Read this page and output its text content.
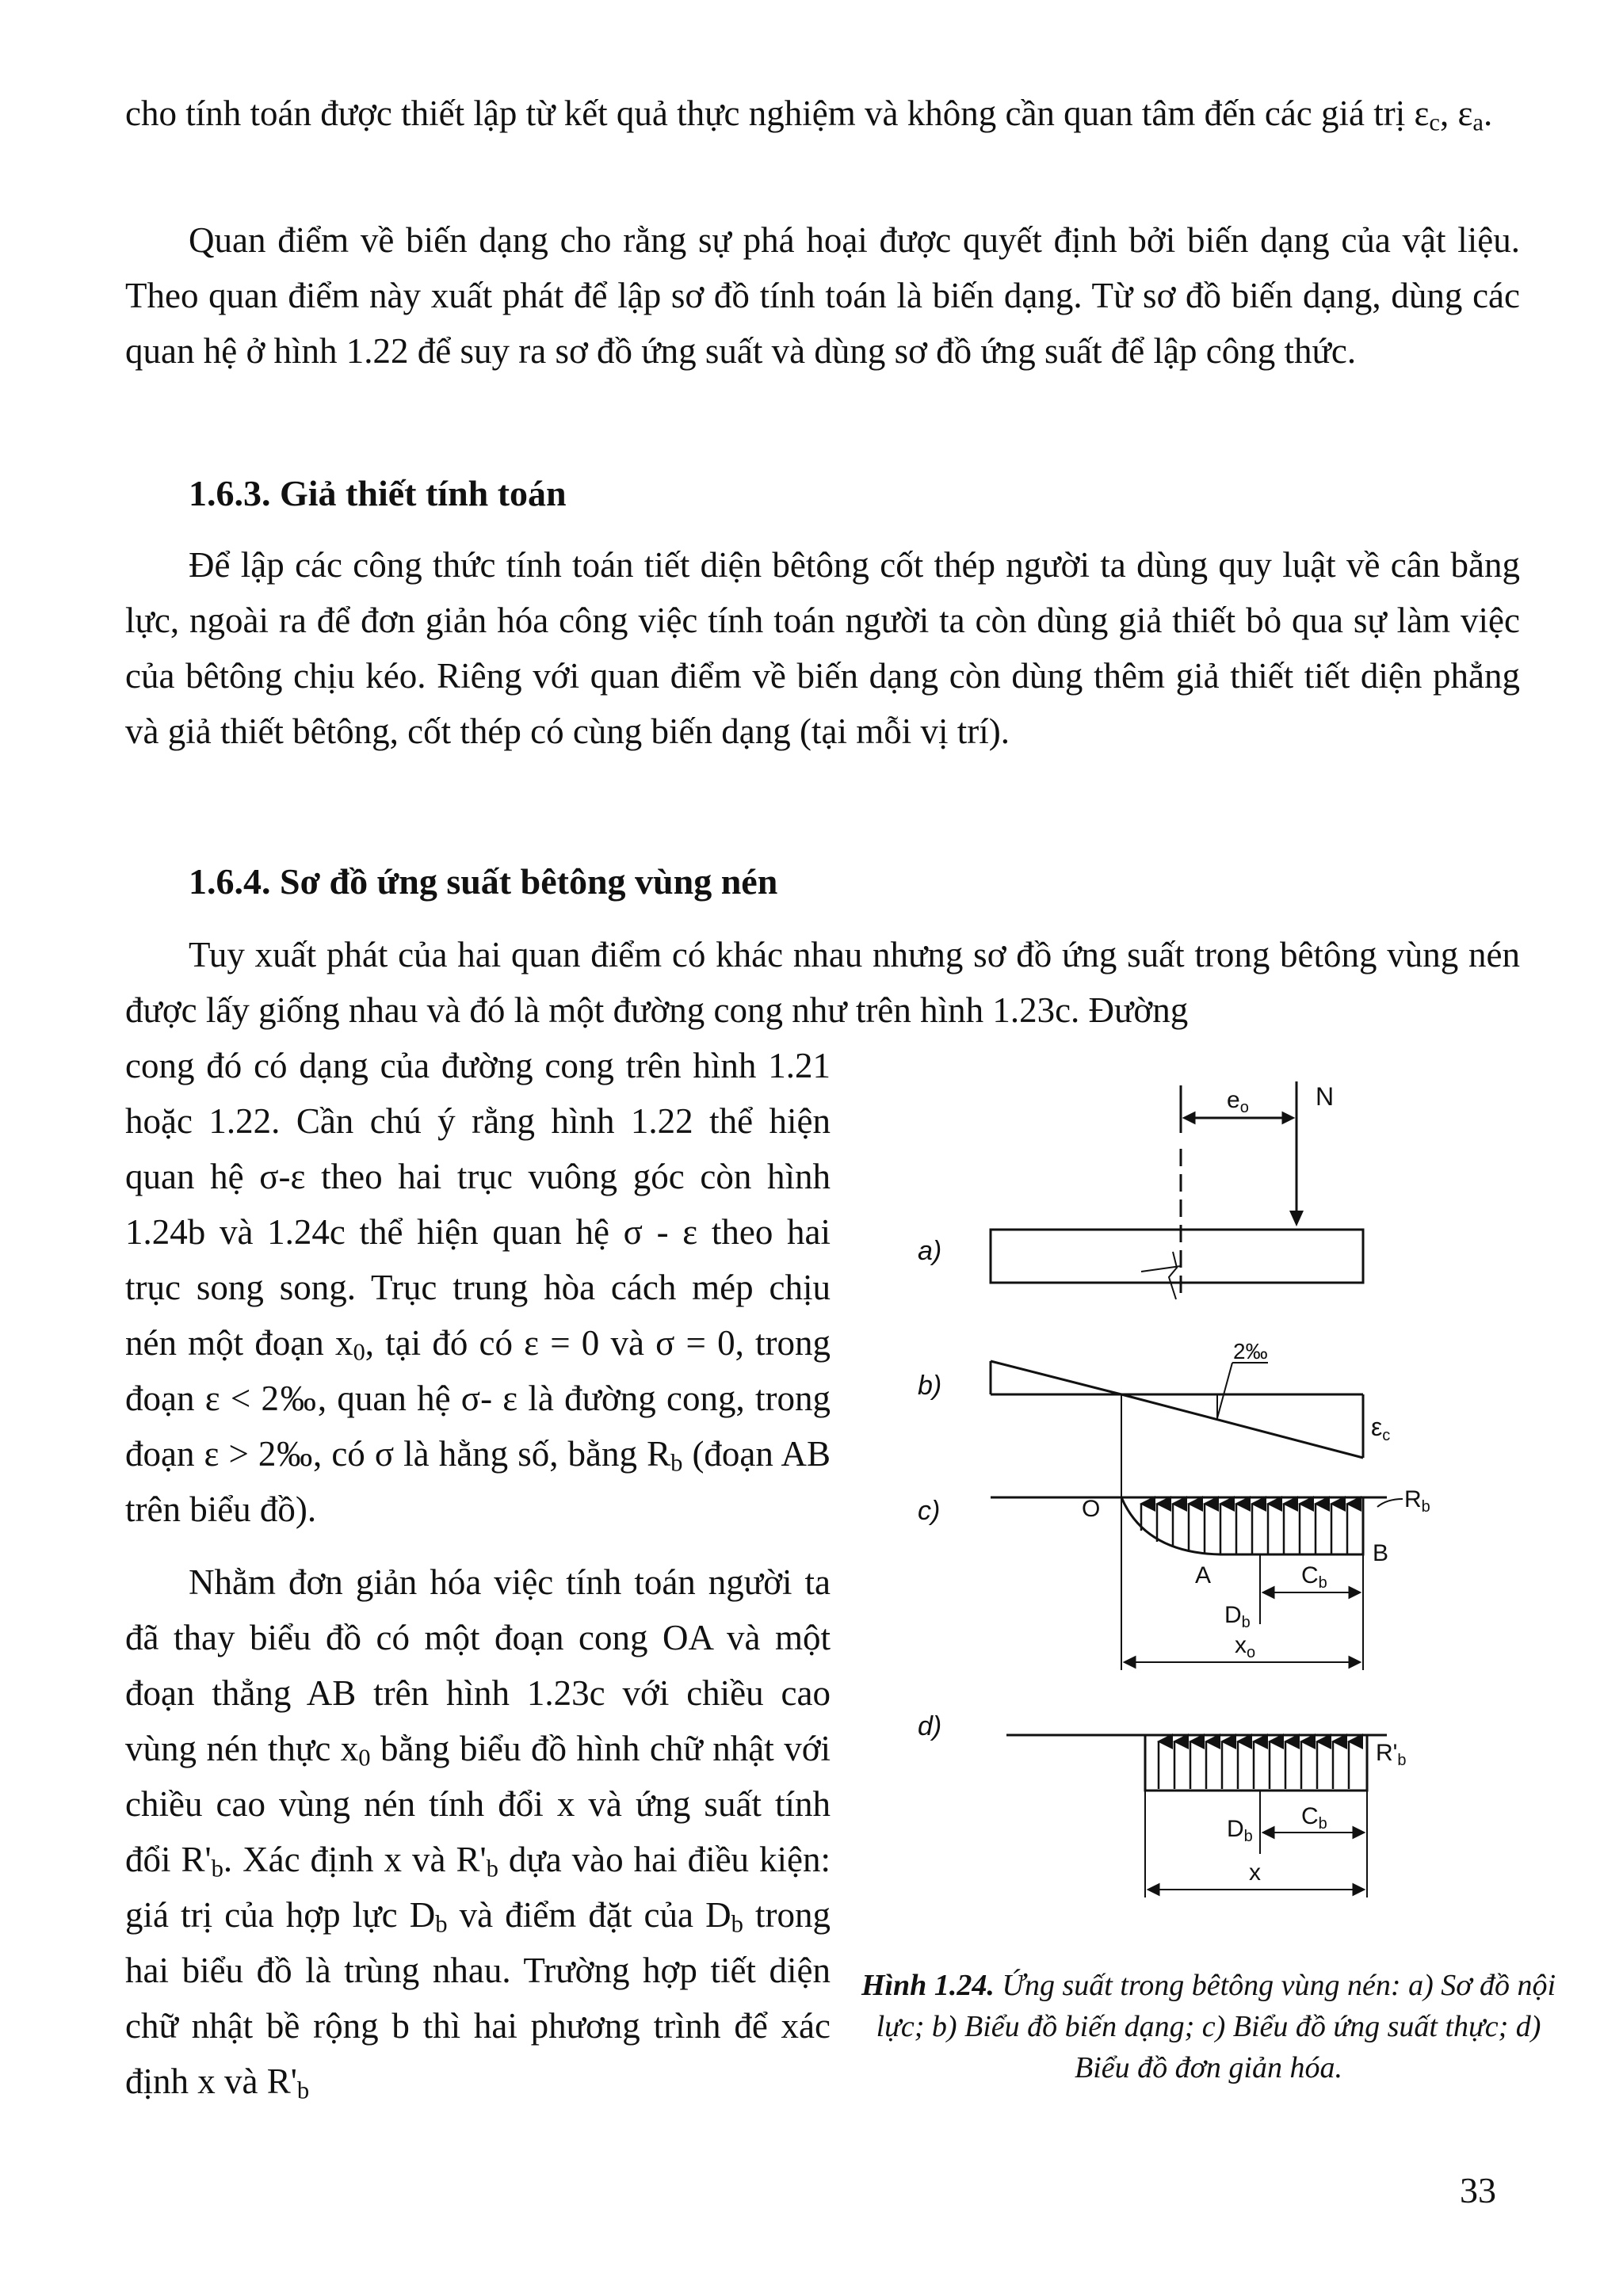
cho tính toán được thiết lập từ kết quả thực nghiệm và không cần quan tâm đến các giá trị $\varepsilon_c$, $\varepsilon_a$.

Quan điểm về biến dạng cho rằng sự phá hoại được quyết định bởi biến dạng của vật liệu. Theo quan điểm này xuất phát để lập sơ đồ tính toán là biến dạng. Từ sơ đồ biến dạng, dùng các quan hệ ở hình 1.22 để suy ra sơ đồ ứng suất và dùng sơ đồ ứng suất để lập công thức.

1.6.3. Giả thiết tính toán

Để lập các công thức tính toán tiết diện bêtông cốt thép người ta dùng quy luật về cân bằng lực, ngoài ra để đơn giản hóa công việc tính toán người ta còn dùng giả thiết bỏ qua sự làm việc của bêtông chịu kéo. Riêng với quan điểm về biến dạng còn dùng thêm giả thiết tiết diện phẳng và giả thiết bêtông, cốt thép có cùng biến dạng (tại mỗi vị trí).

1.6.4. Sơ đồ ứng suất bêtông vùng nén

Tuy xuất phát của hai quan điểm có khác nhau nhưng sơ đồ ứng suất trong bêtông vùng nén được lấy giống nhau và đó là một đường cong như trên hình 1.23c. Đường

cong đó có dạng của đường cong trên hình 1.21 hoặc 1.22. Cần chú ý rằng hình 1.22 thể hiện quan hệ σ-ε theo hai trục vuông góc còn hình 1.24b và 1.24c thể hiện quan hệ σ - ε theo hai trục song song. Trục trung hòa cách mép chịu nén một đoạn $x_0$, tại đó có ε = 0 và σ = 0, trong đoạn ε < 2‰, quan hệ σ- ε là đường cong, trong đoạn ε > 2‰, có σ là hằng số, bằng $R_b$ (đoạn AB trên biểu đồ).

Nhằm đơn giản hóa việc tính toán người ta đã thay biểu đồ có một đoạn cong OA và một đoạn thẳng AB trên hình 1.23c với chiều cao vùng nén thực $x_0$ bằng biểu đồ hình chữ nhật với chiều cao vùng nén tính đổi x và ứng suất tính đổi $R'_b$. Xác định x và $R'_b$ dựa vào hai điều kiện: giá trị của hợp lực $D_b$ và điểm đặt của $D_b$ trong hai biểu đồ là trùng nhau. Trường hợp tiết diện chữ nhật bề rộng b thì hai phương trình để xác định x và $R'_b$

a)
b)
c)
d)
$e_o$	N
2‰
εc
O
A
B
$R_b$
$C_b$
$D_b$
$x_o$
$R'_b$
$D_b$
$C_b$
x

Hình 1.24. Ứng suất trong bêtông vùng nén: a) Sơ đồ nội lực; b) Biểu đồ biến dạng; c) Biểu đồ ứng suất thực; d) Biểu đồ đơn giản hóa.

33
